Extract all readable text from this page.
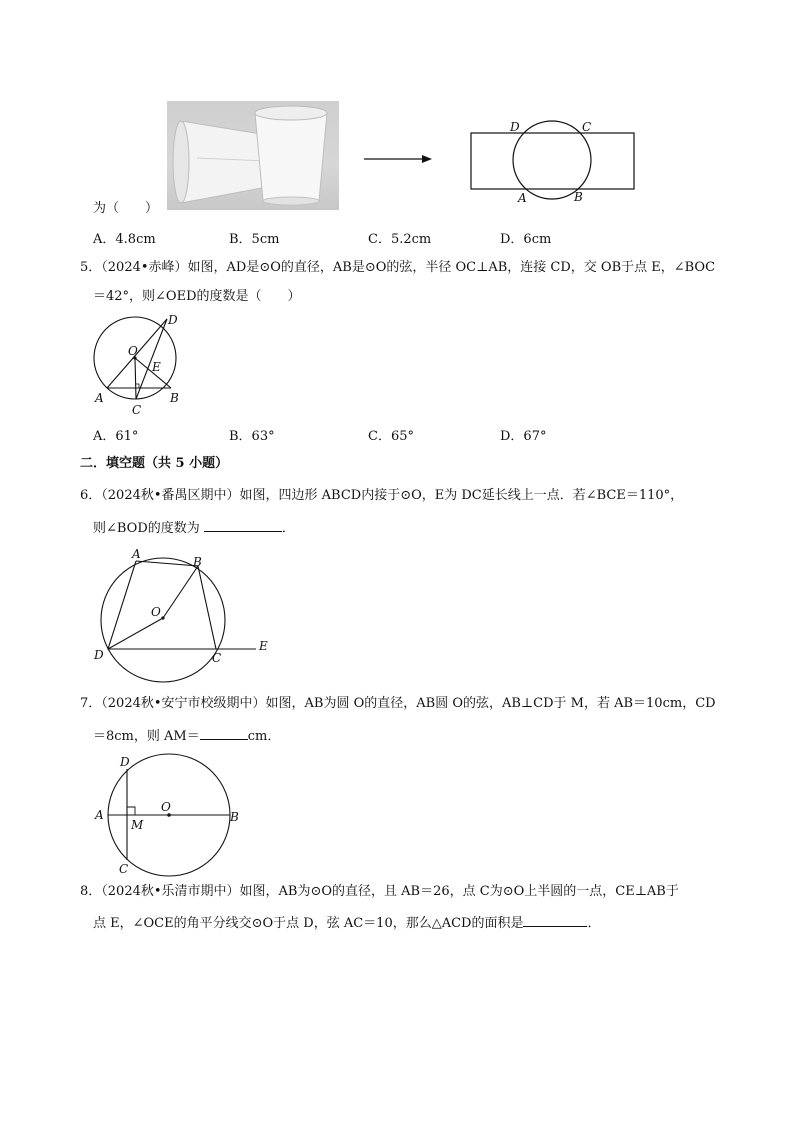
D	C
A	B
为（　　）
A．4.8cm	B．5cm	C．5.2cm	D．6cm
5．（2024•赤峰）如图，AD是⊙O的直径，AB是⊙O的弦，半径 OC⊥AB，连接 CD，交 OB于点 E，∠BOC
＝42°，则∠OED的度数是（　　）
D
O
E
A
C
B
A．61°	B．63°	C．65°	D．67°
二．填空题（共 5 小题）
6．（2024秋•番禺区期中）如图，四边形 ABCD内接于⊙O，E为 DC延长线上一点．若∠BCE＝110°，
则∠BOD的度数为	．
A
B
O
D	C
E
7．（2024秋•安宁市校级期中）如图，AB为圆 O的直径，AB圆 O的弦，AB⊥CD于 M，若 AB＝10cm，CD
＝8cm，则 AM＝	cm．
D
O
A
M
B
C
8．（2024秋•乐清市期中）如图，AB为⊙O的直径，且 AB＝26，点 C为⊙O上半圆的一点，CE⊥AB于
点 E，∠OCE的角平分线交⊙O于点 D，弦 AC＝10，那么△ACD的面积是	．
